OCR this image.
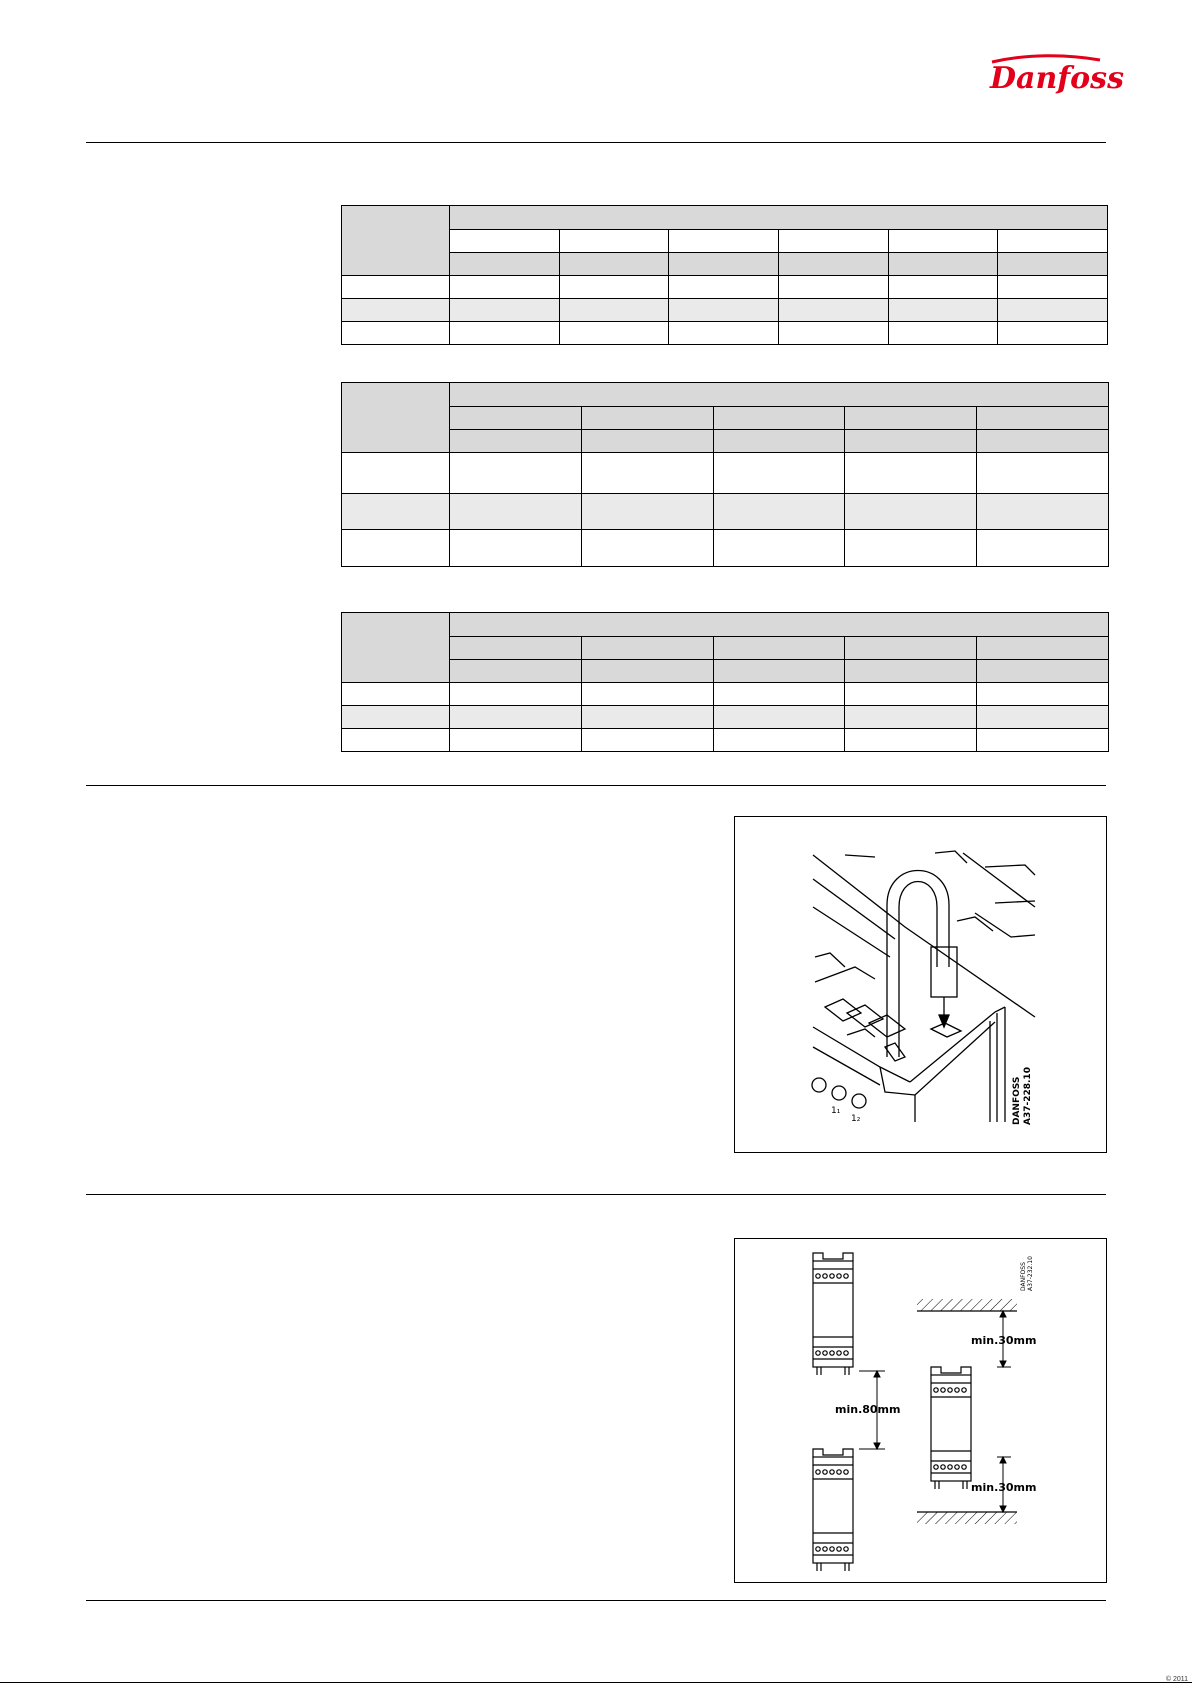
Danfoss

1₁
1₂	DANFOSS A37-228.10
min.30mm
min.80mm
min.30mm
DANFOSS A37-232.10
© 2011
